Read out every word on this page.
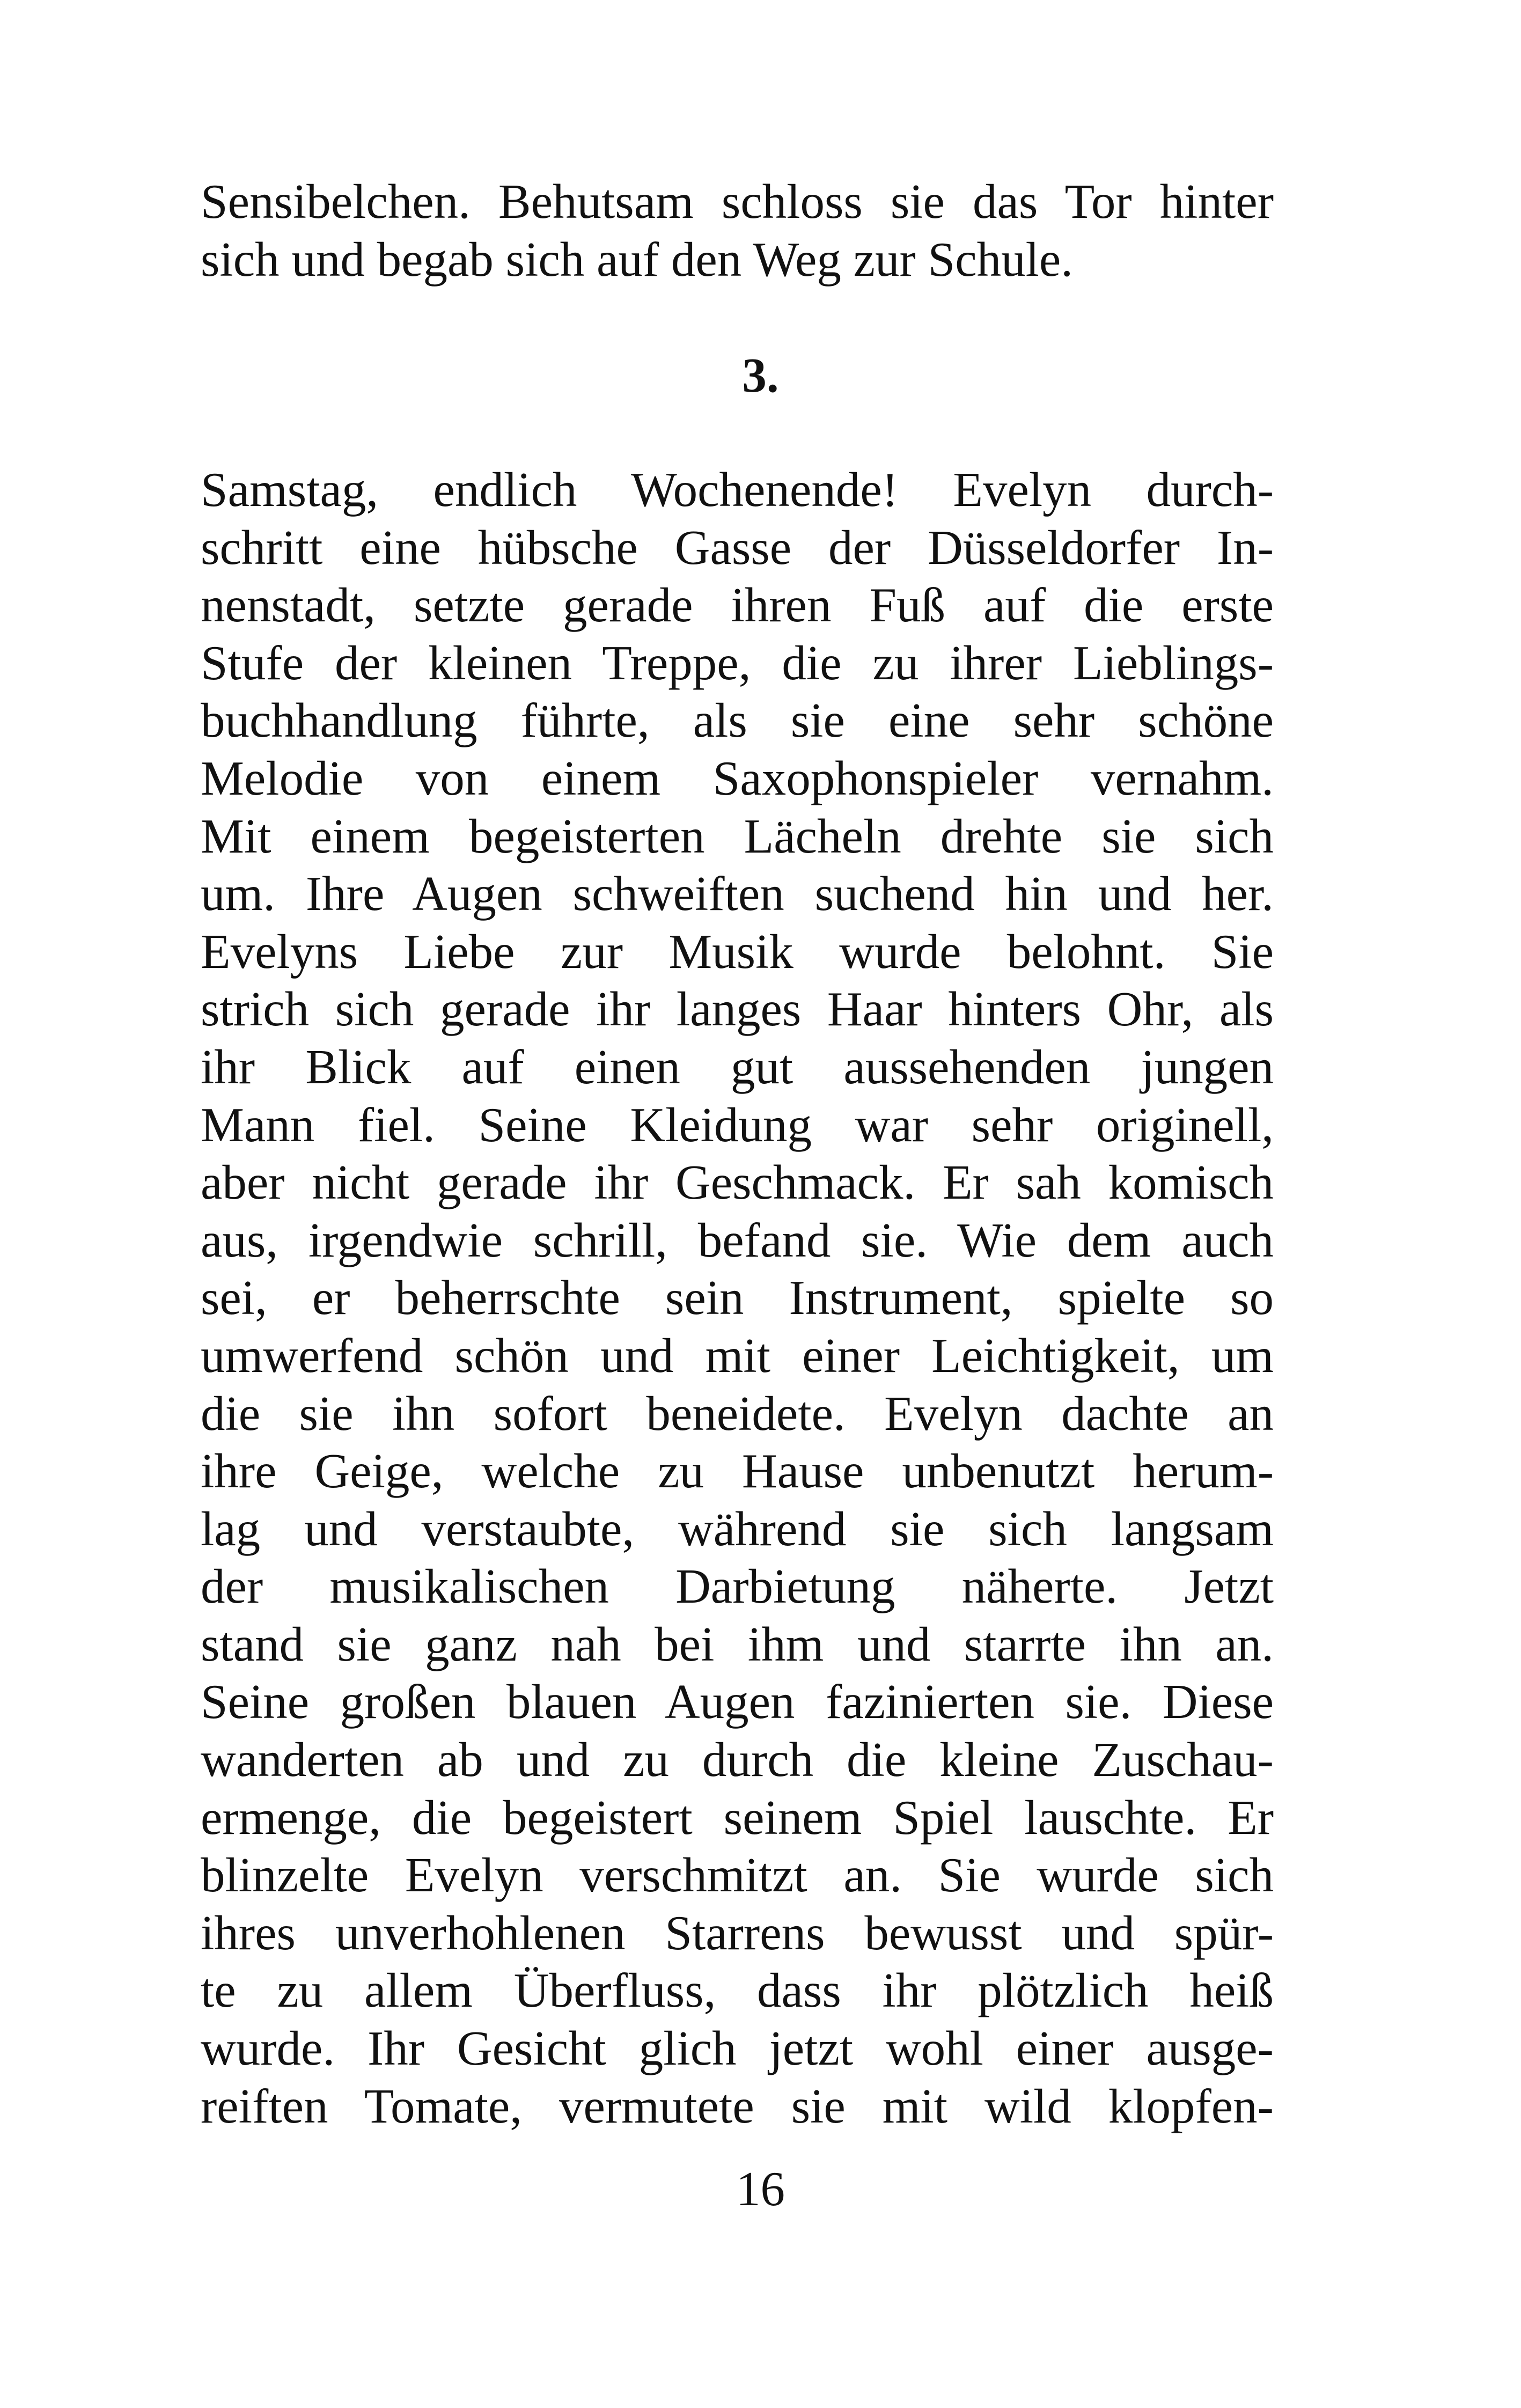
Sensibelchen. Behutsam schloss sie das Tor hinter
sich und begab sich auf den Weg zur Schule.
3.
Samstag, endlich Wochenende! Evelyn durch-
schritt eine hübsche Gasse der Düsseldorfer In-
nenstadt, setzte gerade ihren Fuß auf die erste
Stufe der kleinen Treppe, die zu ihrer Lieblings-
buchhandlung führte, als sie eine sehr schöne
Melodie von einem Saxophonspieler vernahm.
Mit einem begeisterten Lächeln drehte sie sich
um. Ihre Augen schweiften suchend hin und her.
Evelyns Liebe zur Musik wurde belohnt. Sie
strich sich gerade ihr langes Haar hinters Ohr, als
ihr Blick auf einen gut aussehenden jungen
Mann fiel. Seine Kleidung war sehr originell,
aber nicht gerade ihr Geschmack. Er sah komisch
aus, irgendwie schrill, befand sie. Wie dem auch
sei, er beherrschte sein Instrument, spielte so
umwerfend schön und mit einer Leichtigkeit, um
die sie ihn sofort beneidete. Evelyn dachte an
ihre Geige, welche zu Hause unbenutzt herum-
lag und verstaubte, während sie sich langsam
der musikalischen Darbietung näherte. Jetzt
stand sie ganz nah bei ihm und starrte ihn an.
Seine großen blauen Augen fazinierten sie. Diese
wanderten ab und zu durch die kleine Zuschau-
ermenge, die begeistert seinem Spiel lauschte. Er
blinzelte Evelyn verschmitzt an. Sie wurde sich
ihres unverhohlenen Starrens bewusst und spür-
te zu allem Überfluss, dass ihr plötzlich heiß
wurde. Ihr Gesicht glich jetzt wohl einer ausge-
reiften Tomate, vermutete sie mit wild klopfen-
16
